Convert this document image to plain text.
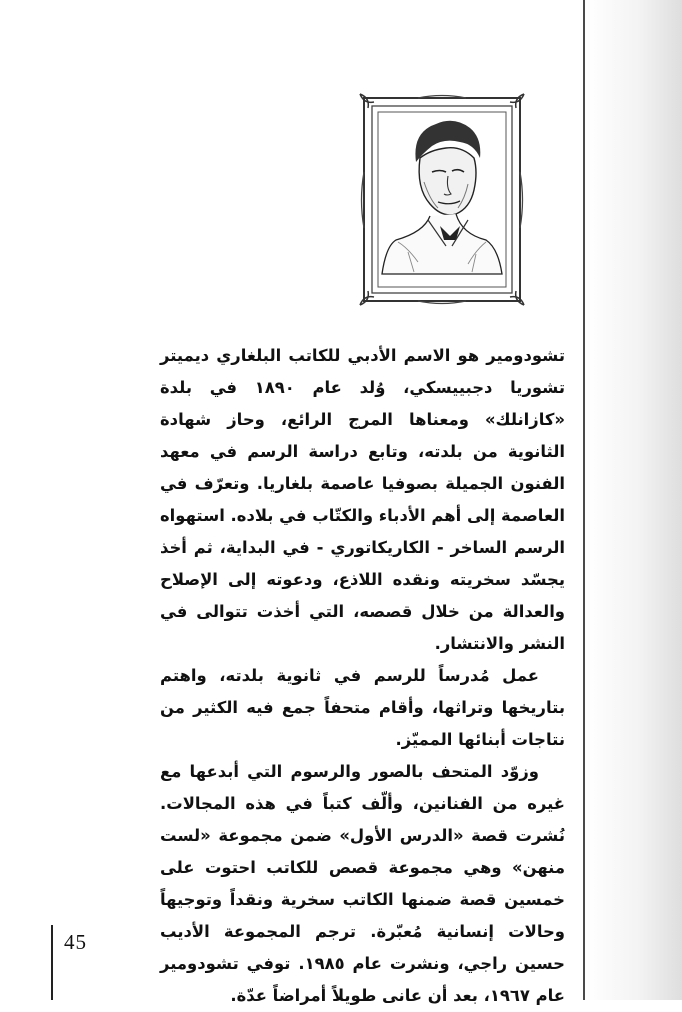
تشودومير هو الاسم الأدبي للكاتب البلغاري ديميتر تشوريا دجبييسكي، وُلد عام ١٨٩٠ في بلدة «كازانلك» ومعناها المرج الرائع، وحاز شهادة الثانوية من بلدته، وتابع دراسة الرسم في معهد الفنون الجميلة بصوفيا عاصمة بلغاريا. وتعرّف في العاصمة إلى أهم الأدباء والكتّاب في بلاده. استهواه الرسم الساخر - الكاريكاتوري - في البداية، ثم أخذ يجسّد سخريته ونقده اللاذع، ودعوته إلى الإصلاح والعدالة من خلال قصصه، التي أخذت تتوالى في النشر والانتشار.

عمل مُدرساً للرسم في ثانوية بلدته، واهتم بتاريخها وتراثها، وأقام متحفاً جمع فيه الكثير من نتاجات أبنائها المميّز.

وزوّد المتحف بالصور والرسوم التي أبدعها مع غيره من الفنانين، وألّف كتباً في هذه المجالات. نُشرت قصة «الدرس الأول» ضمن مجموعة «لست منهن» وهي مجموعة قصص للكاتب احتوت على خمسين قصة ضمنها الكاتب سخرية ونقداً وتوجيهاً وحالات إنسانية مُعبّرة. ترجم المجموعة الأديب حسين راجي، ونشرت عام ١٩٨٥. توفي تشودومير عام ١٩٦٧، بعد أن عانى طويلاً أمراضاً عدّة.

45
